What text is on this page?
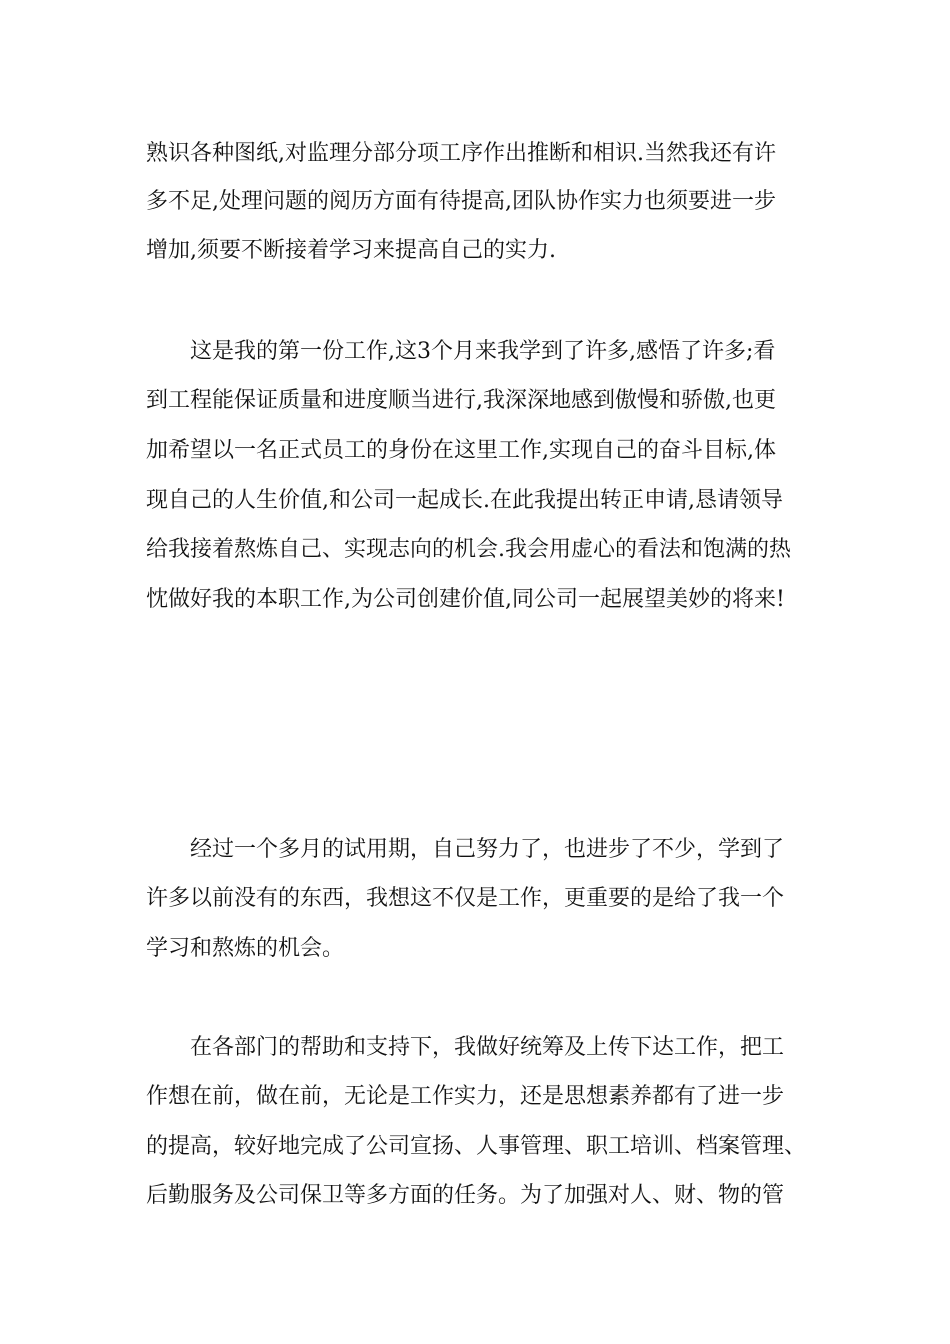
熟识各种图纸,对监理分部分项工序作出推断和相识.当然我还有许

多不足,处理问题的阅历方面有待提高,团队协作实力也须要进一步

增加,须要不断接着学习来提高自己的实力.

这是我的第一份工作,这3个月来我学到了许多,感悟了许多;看

到工程能保证质量和进度顺当进行,我深深地感到傲慢和骄傲,也更

加希望以一名正式员工的身份在这里工作,实现自己的奋斗目标,体

现自己的人生价值,和公司一起成长.在此我提出转正申请,恳请领导

给我接着熬炼自己、实现志向的机会.我会用虚心的看法和饱满的热

忱做好我的本职工作,为公司创建价值,同公司一起展望美妙的将来!

经过一个多月的试用期，自己努力了，也进步了不少，学到了

许多以前没有的东西，我想这不仅是工作，更重要的是给了我一个

学习和熬炼的机会。

在各部门的帮助和支持下，我做好统筹及上传下达工作，把工

作想在前，做在前，无论是工作实力，还是思想素养都有了进一步

的提高，较好地完成了公司宣扬、人事管理、职工培训、档案管理、

后勤服务及公司保卫等多方面的任务。为了加强对人、财、物的管
